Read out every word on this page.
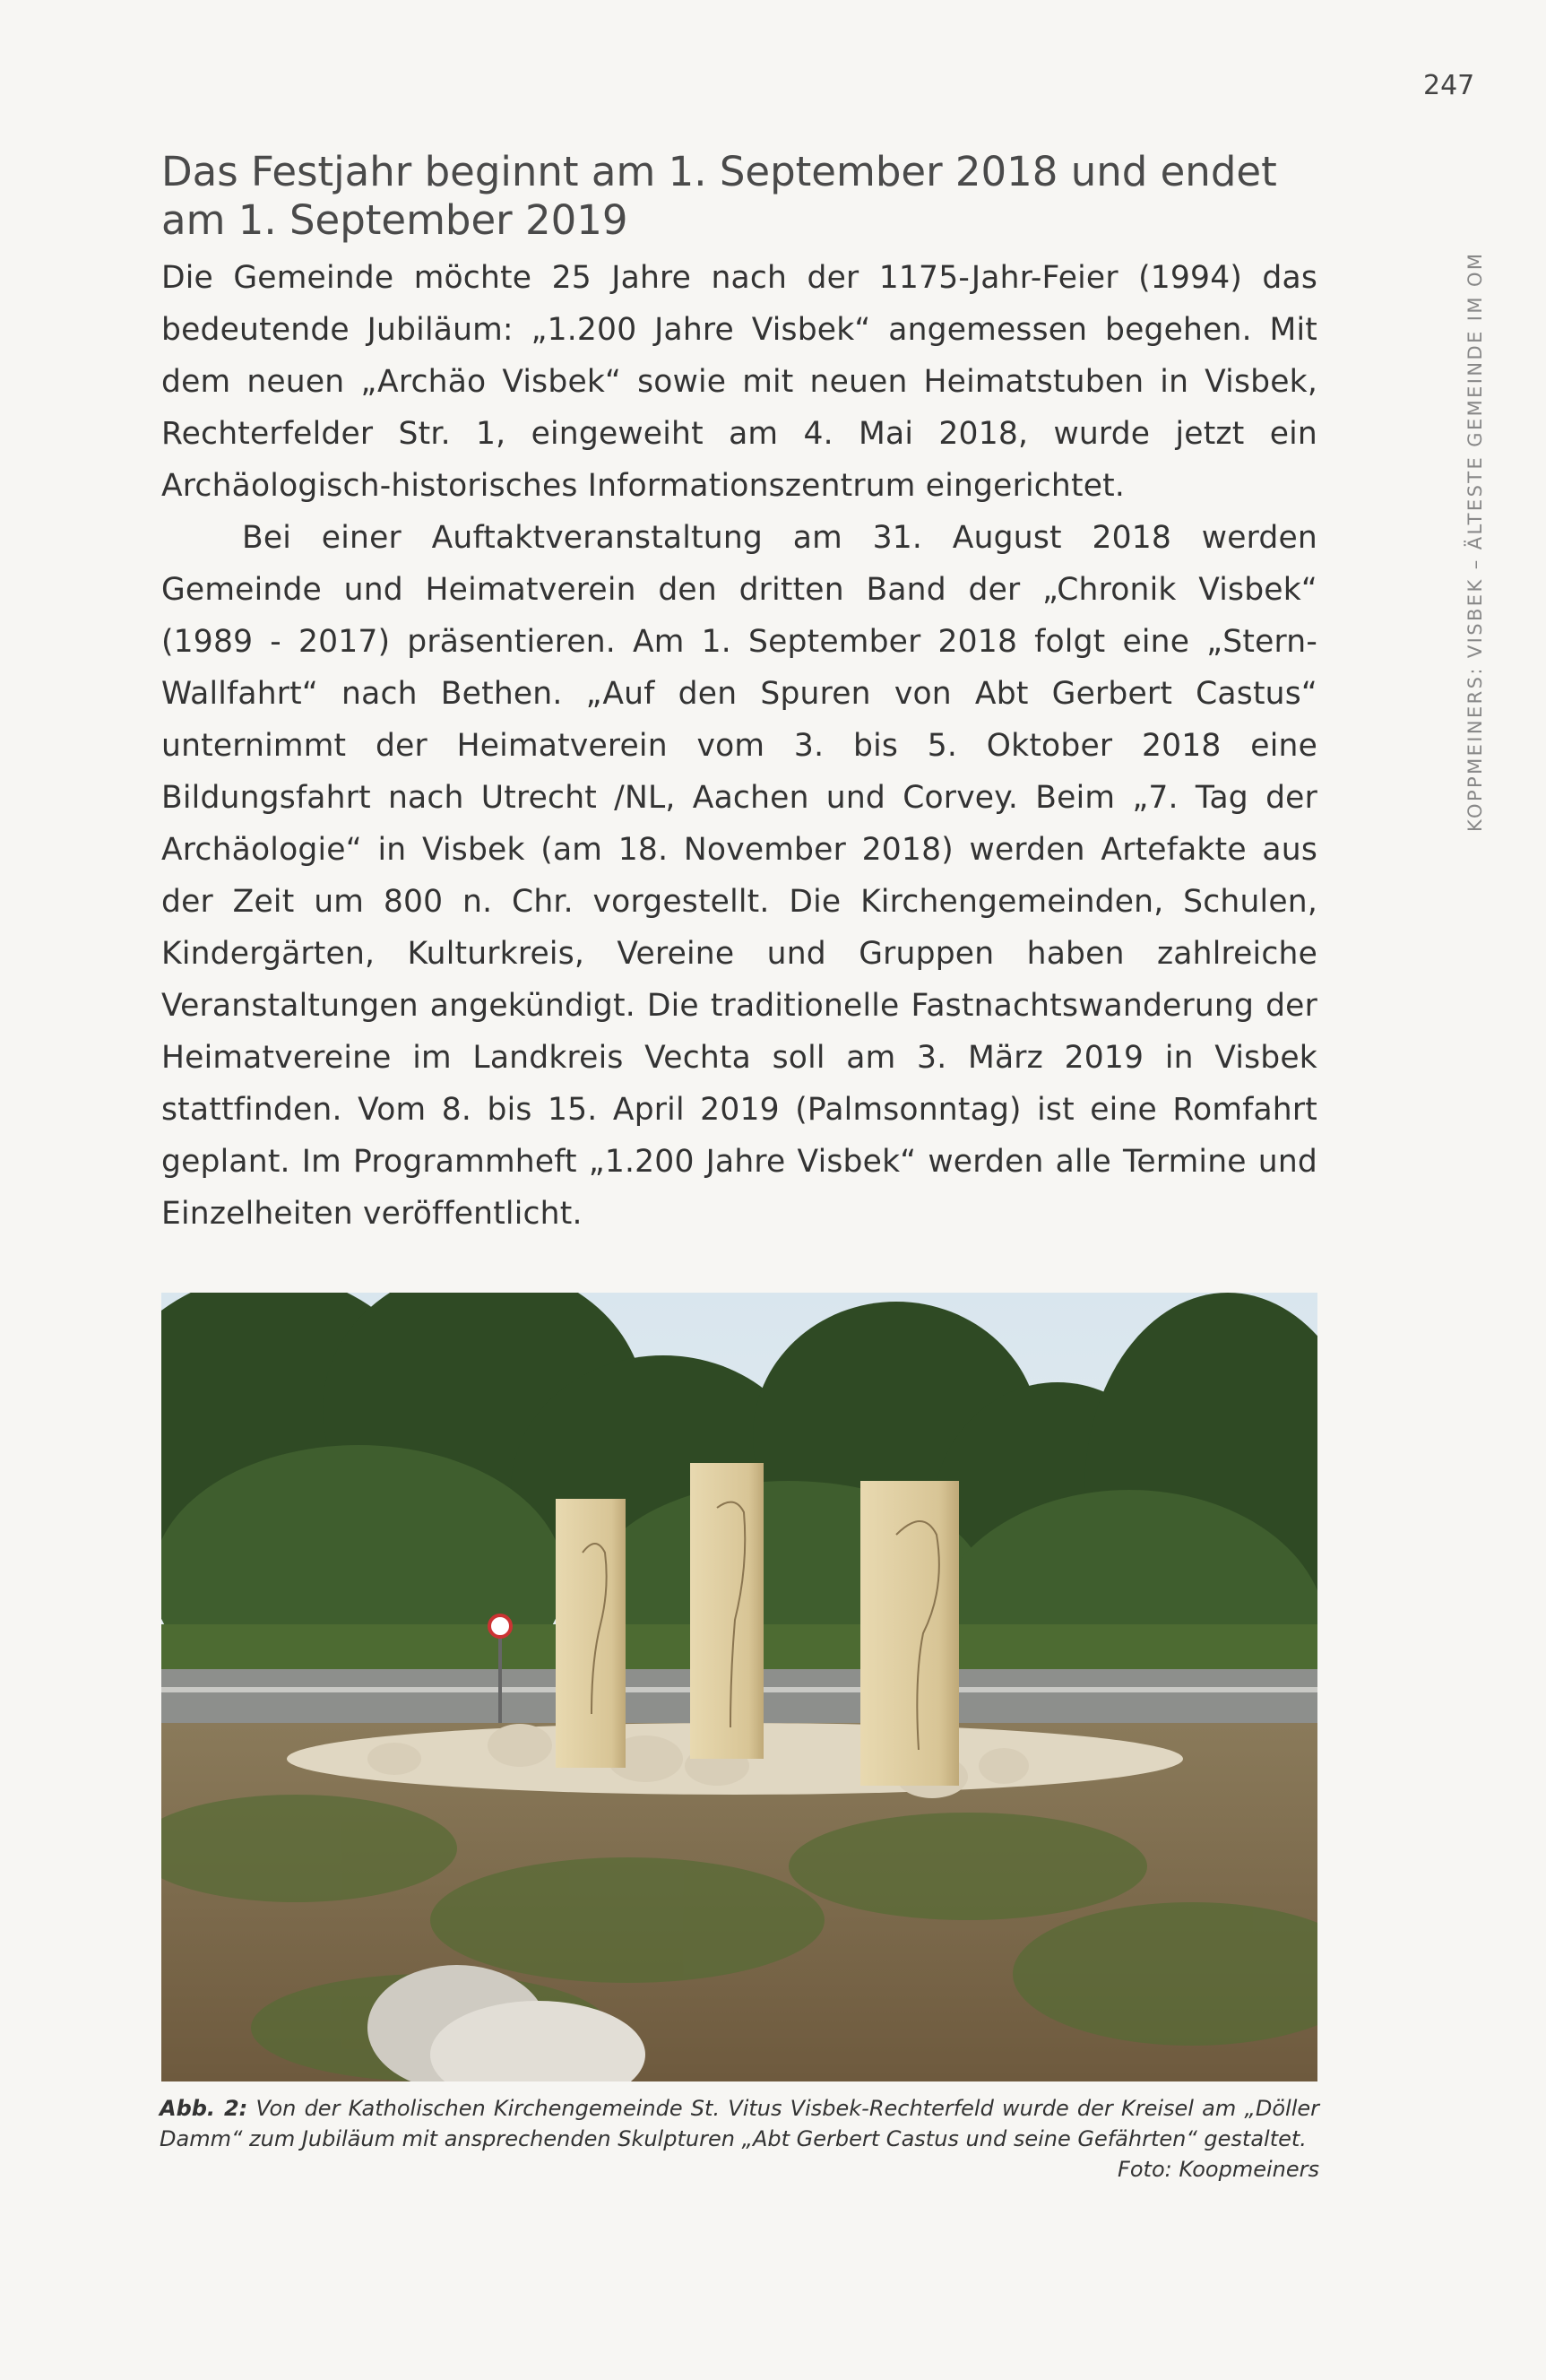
247
KOPPMEINERS: VISBEK – ÄLTESTE GEMEINDE IM OM
Das Festjahr beginnt am 1. September 2018 und endet am 1. September 2019

Die Gemeinde möchte 25 Jahre nach der 1175-Jahr-Feier (1994) das bedeutende Jubiläum: „1.200 Jahre Visbek“ angemessen begehen. Mit dem neuen „Archäo Visbek“ sowie mit neuen Heimatstuben in Visbek, Rechterfelder Str. 1, eingeweiht am 4. Mai 2018, wurde jetzt ein Archäologisch-historisches Informationszentrum eingerichtet.

Bei einer Auftaktveranstaltung am 31. August 2018 werden Gemeinde und Heimatverein den dritten Band der „Chronik Visbek“ (1989 - 2017) präsentieren. Am 1. September 2018 folgt eine „Stern-Wallfahrt“ nach Bethen. „Auf den Spuren von Abt Gerbert Castus“ unternimmt der Heimatverein vom 3. bis 5. Oktober 2018 eine Bildungsfahrt nach Utrecht /NL, Aachen und Corvey. Beim „7. Tag der Archäologie“ in Visbek (am 18. November 2018) werden Artefakte aus der Zeit um 800 n. Chr. vorgestellt. Die Kirchengemeinden, Schulen, Kindergärten, Kulturkreis, Vereine und Gruppen haben zahlreiche Veranstaltungen angekündigt. Die traditionelle Fastnachtswanderung der Heimatvereine im Landkreis Vechta soll am 3. März 2019 in Visbek stattfinden. Vom 8. bis 15. April 2019 (Palmsonntag) ist eine Romfahrt geplant. Im Programmheft „1.200 Jahre Visbek“ werden alle Termine und Einzelheiten veröffentlicht.

Abb. 2: Von der Katholischen Kirchengemeinde St. Vitus Visbek-Rechterfeld wurde der Kreisel am „Döller Damm“ zum Jubiläum mit ansprechenden Skulpturen „Abt Gerbert Castus und seine Gefährten“ gestaltet.
Foto: Koopmeiners
